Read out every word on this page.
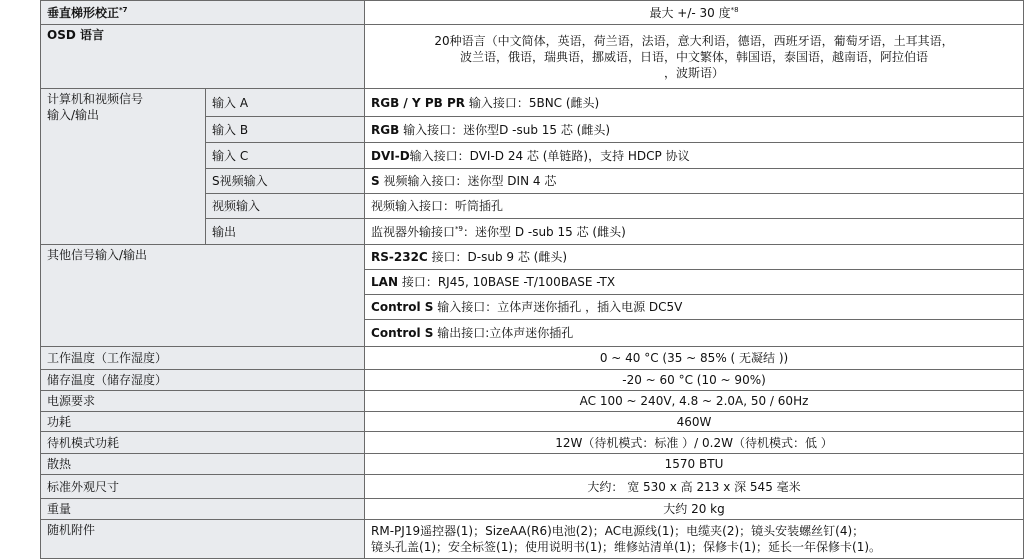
垂直梯形校正$^{*7}$		最大 +/- 30 度$^{*8}$
OSD 语言		20种语言（中文简体，英语，荷兰语，法语，意大利语，德语，西班牙语，葡萄牙语，土耳其语，
波兰语，俄语，瑞典语，挪威语，日语，中文繁体，韩国语，泰国语，越南语，阿拉伯语
，波斯语）

计算机和视频信号
输入/输出	输入 A	RGB / Y PB PR 输入接口：5BNC (雌头)
	输入 B	RGB 输入接口：迷你型D -sub 15 芯 (雌头)
	输入 C	DVI-D输入接口：DVI-D 24 芯 (单链路)，支持 HDCP 协议
	S视频输入	S 视频输入接口：迷你型 DIN 4 芯
	视频输入	视频输入接口：听筒插孔
	输出	监视器外输接口$^{*9}$：迷你型 D -sub 15 芯 (雌头)
其他信号输入/输出		RS-232C 接口：D-sub 9 芯 (雌头)
		LAN 接口：RJ45, 10BASE -T/100BASE -TX
		Control S 输入接口：立体声迷你插孔 ，插入电源 DC5V
		Control S 输出接口:立体声迷你插孔
工作温度（工作湿度）		0 ~ 40 °C (35 ~ 85% ( 无凝结 ))
储存温度（储存湿度）		-20 ~ 60 °C (10 ~ 90%)
电源要求		AC 100 ~ 240V, 4.8 ~ 2.0A, 50 / 60Hz
功耗		460W
待机模式功耗		12W（待机模式：标准 ）/ 0.2W（待机模式：低 ）
散热		1570 BTU
标准外观尺寸		大约： 宽 530 x 高 213 x 深 545 毫米
重量		大约 20 kg
随机附件		RM-PJ19遥控器(1)；SizeAA(R6)电池(2)；AC电源线(1)；电缆夹(2)；镜头安装螺丝钉(4)；
镜头孔盖(1)；安全标签(1)；使用说明书(1)；维修站清单(1)；保修卡(1)；延长一年保修卡(1)。
